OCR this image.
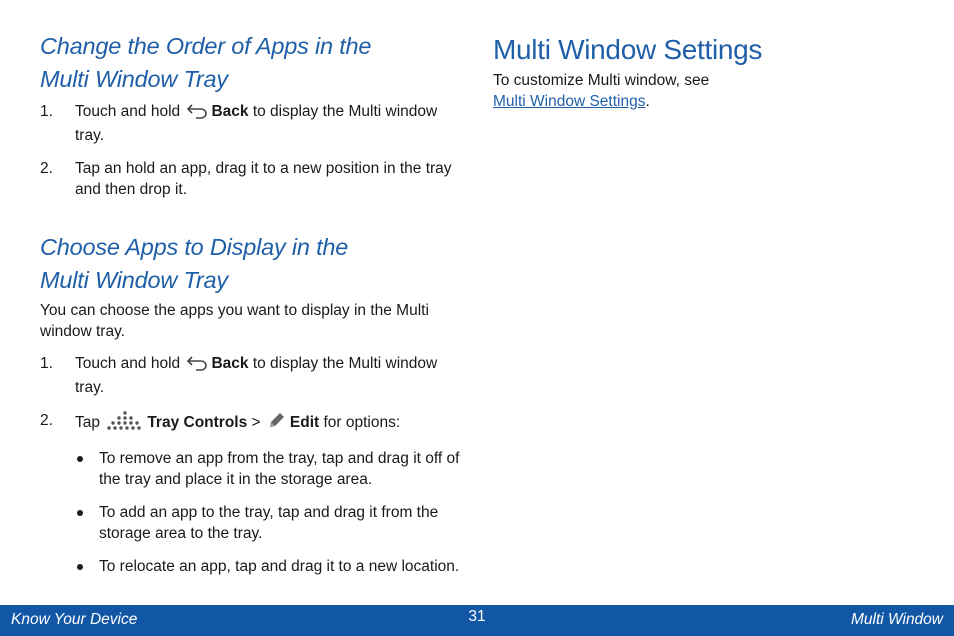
Change the Order of Apps in the
Multi Window Tray
1. Touch and hold Back to display the Multi window tray.
2. Tap an hold an app, drag it to a new position in the tray and then drop it.
Choose Apps to Display in the
Multi Window Tray

You can choose the apps you want to display in the Multi window tray.

1. Touch and hold Back to display the Multi window tray.
2. Tap	Tray Controls > Edit for options:
To remove an app from the tray, tap and drag it off of the tray and place it in the storage area.
To add an app to the tray, tap and drag it from the storage area to the tray.
To relocate an app, tap and drag it to a new location.
Multi Window Settings

To customize Multi window, see
Multi Window Settings.

Know Your Device	31	Multi Window
